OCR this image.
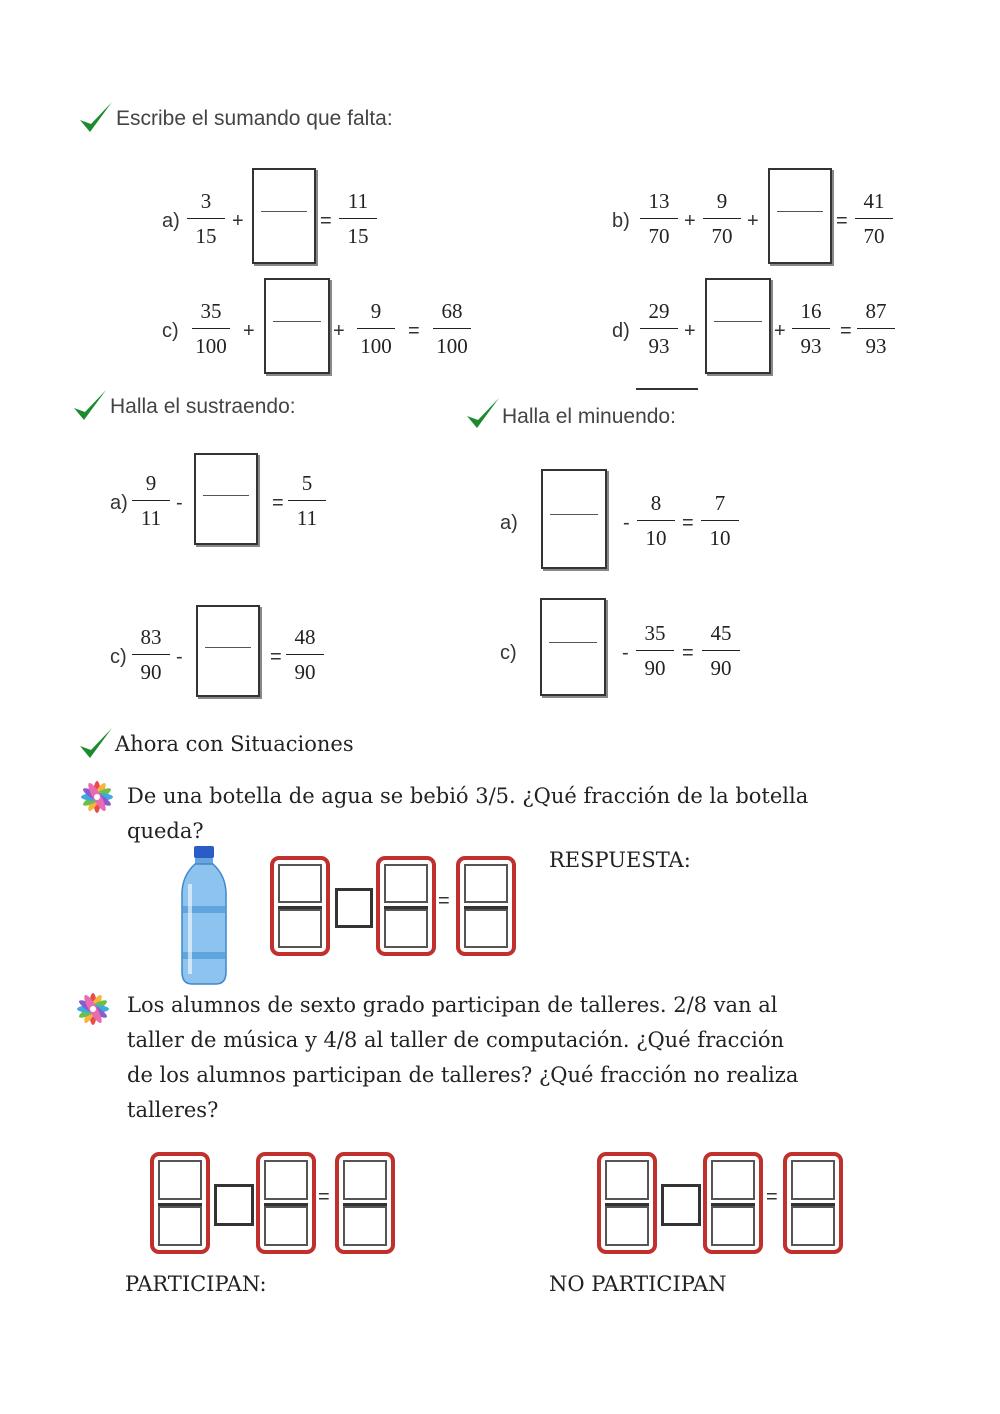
Escribe el sumando que falta:
a)
3
15
+	=
11
15
b)
13
70
+
9
70
+	=
41
70
c)
35
100
+	+
9
100
=
68
100
d)
29
93
+	+
16
93
=
87
93
Halla el sustraendo:
a)
9
11
-	=
5
11
c)
83
90
-	=
48
90
Halla el minuendo:
a)	-
8
10
=
7
10
c)	-
35
90
=
45
90
Ahora con Situaciones
De una botella de agua se bebió 3/5. ¿Qué fracción de la botella
queda?
=
RESPUESTA:
Los alumnos de sexto grado participan de talleres. 2/8 van al
taller de música y 4/8 al taller de computación. ¿Qué fracción
de los alumnos participan de talleres? ¿Qué fracción no realiza
talleres?
=	=
PARTICIPAN:	NO PARTICIPAN
